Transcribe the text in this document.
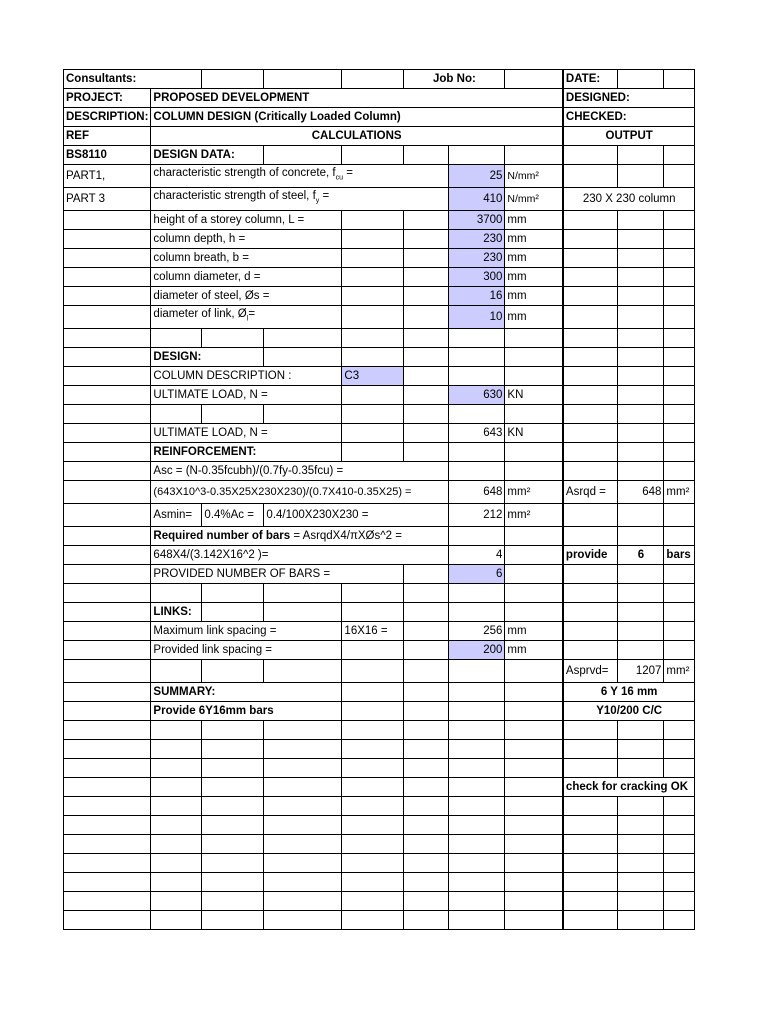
Consultants:					Job No:			DATE:		
PROJECT:	PROPOSED DEVELOPMENT							DESIGNED:		
DESCRIPTION:	COLUMN DESIGN (Critically Loaded Column)							CHECKED:		
REF	CALCULATIONS							OUTPUT		
BS8110	DESIGN DATA:									
PART1,	characteristic strength of concrete, $f_{cu}$ =					25	N/mm²			
PART 3	characteristic strength of steel, $f_y$ =					410	N/mm²	230 X 230 column		
	height of a storey column, L =					3700	mm			
	column depth, h =					230	mm			
	column breath, b =					230	mm			
	column diameter, d =					300	mm			
	diameter of steel, Øs =					16	mm			
	diameter of link, $Ø_l=$					10	mm			

	DESIGN:									
	COLUMN DESCRIPTION :			C3						
	ULTIMATE LOAD, N =					630	KN			

	ULTIMATE LOAD, N =					643	KN			
	REINFORCEMENT:									
	Asc = (N-0.35fcubh)/(0.7fy-0.35fcu) =									
	(643X10^3-0.35X25X230X230)/(0.7X410-0.35X25) =					648	mm²	Asrqd =	648	mm²
	Asmin=	0.4%Ac =	0.4/100X230X230 =			212	mm²			
	Required number of bars = AsrqdX4/πXØs^2 =									
	648X4/(3.142X16^2 )=					4		provide	6	bars
	PROVIDED NUMBER OF BARS =					6				

	LINKS:									
	Maximum link spacing =			16X16 =		256	mm			
	Provided link spacing =					200	mm			
								Asprvd=	1207	mm²
	SUMMARY:							6 Y 16 mm		
	Provide 6Y16mm bars							Y10/200 C/C		

								check for cracking OK		
